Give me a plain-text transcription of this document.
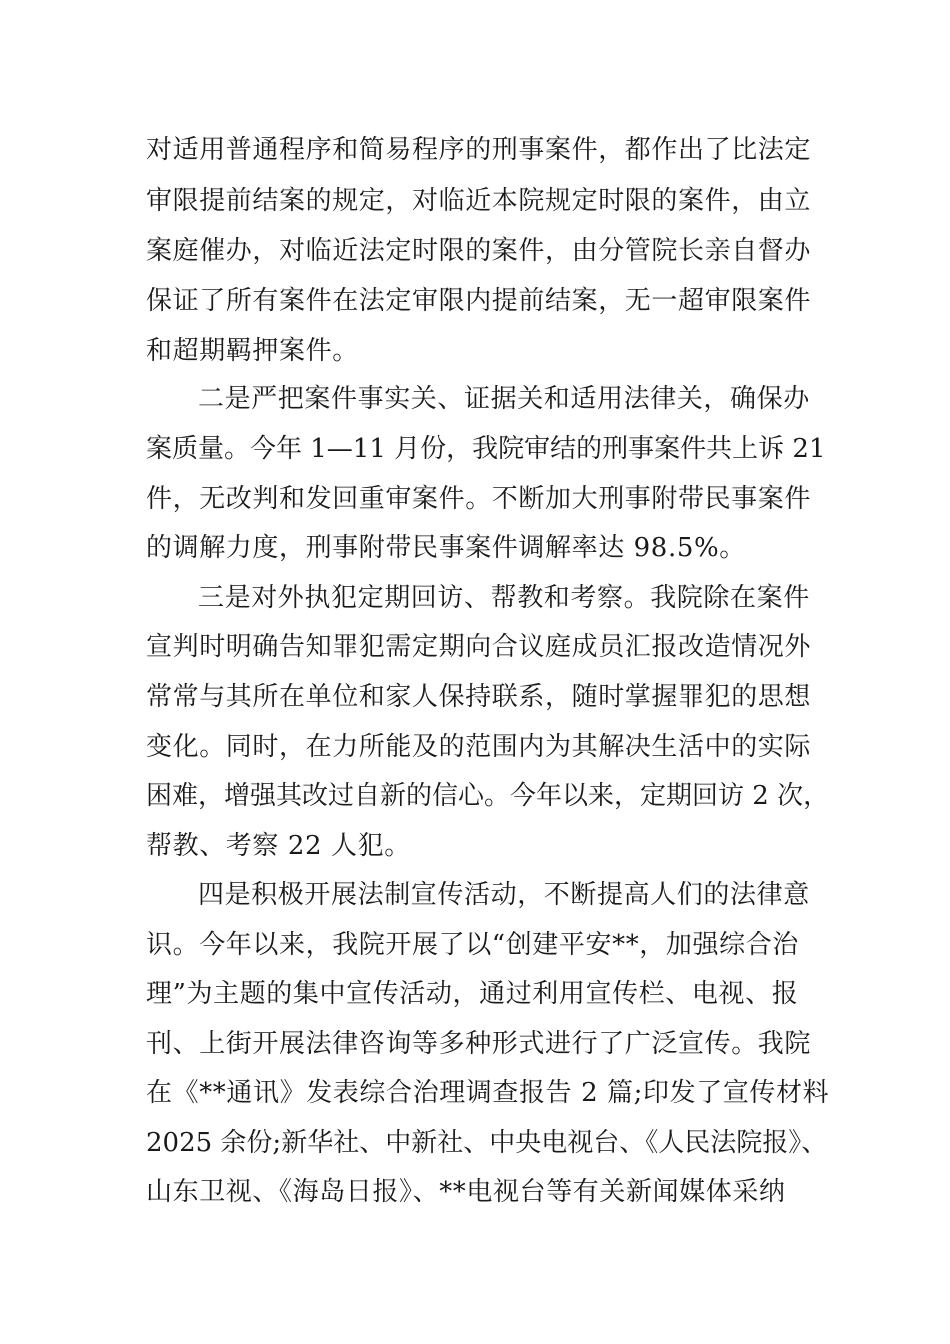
对适用普通程序和简易程序的刑事案件，都作出了比法定

审限提前结案的规定，对临近本院规定时限的案件，由立

案庭催办，对临近法定时限的案件，由分管院长亲自督办

保证了所有案件在法定审限内提前结案，无一超审限案件

和超期羁押案件。

二是严把案件事实关、证据关和适用法律关，确保办

案质量。今年 1—11 月份，我院审结的刑事案件共上诉 21

件，无改判和发回重审案件。不断加大刑事附带民事案件

的调解力度，刑事附带民事案件调解率达 98.5%。

三是对外执犯定期回访、帮教和考察。我院除在案件

宣判时明确告知罪犯需定期向合议庭成员汇报改造情况外

常常与其所在单位和家人保持联系，随时掌握罪犯的思想

变化。同时，在力所能及的范围内为其解决生活中的实际

困难，增强其改过自新的信心。今年以来，定期回访 2 次，

帮教、考察 22 人犯。

四是积极开展法制宣传活动，不断提高人们的法律意

识。今年以来，我院开展了以“创建平安**，加强综合治

理”为主题的集中宣传活动，通过利用宣传栏、电视、报

刊、上街开展法律咨询等多种形式进行了广泛宣传。我院

在《**通讯》发表综合治理调查报告 2 篇;印发了宣传材料

2025 余份;新华社、中新社、中央电视台、《人民法院报》、

山东卫视、《海岛日报》、**电视台等有关新闻媒体采纳
